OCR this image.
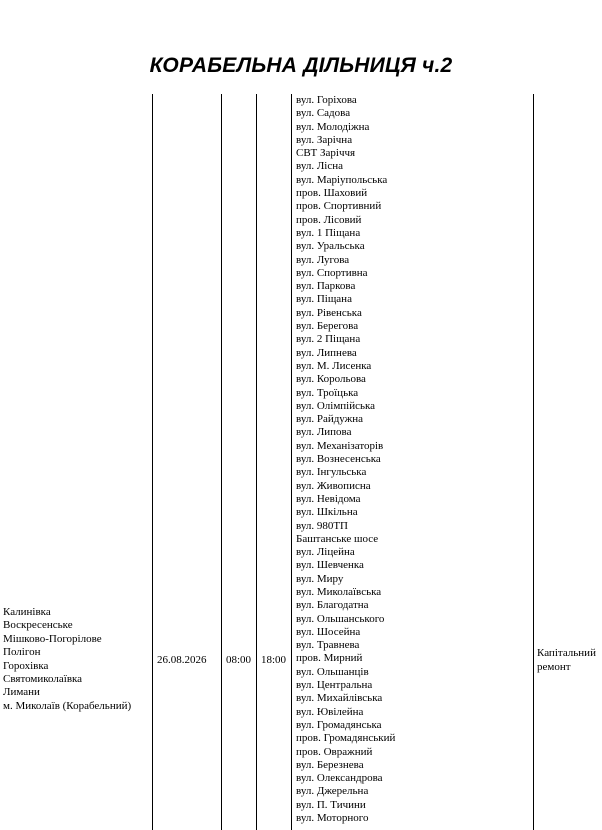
КОРАБЕЛЬНА ДІЛЬНИЦЯ ч.2
Калинівка
Воскресенське
Мішково-Погорілове
Полігон
Горохівка
Святомиколаївка
Лимани
м. Миколаїв (Корабельний)
26.08.2026 08:00 18:00
вул. Горіхова
вул. Садова
вул. Молодіжна
вул. Зарічна
СВТ Заріччя
вул. Лісна
вул. Маріупольська
пров. Шаховий
пров. Спортивний
пров. Лісовий
вул. 1 Піщана
вул. Уральська
вул. Лугова
вул. Спортивна
вул. Паркова
вул. Піщана
вул. Рівенська
вул. Берегова
вул. 2 Піщана
вул. Липнева
вул. М. Лисенка
вул. Корольова
вул. Троїцька
вул. Олімпійська
вул. Райдужна
вул. Липова
вул. Механізаторів
вул. Вознесенська
вул. Інгульська
вул. Живописна
вул. Невідома
вул. Шкільна
вул. 980ТП
Баштанське шосе
вул. Ліцейна
вул. Шевченка
вул. Миру
вул. Миколаївська
вул. Благодатна
вул. Ольшанського
вул. Шосейна
вул. Травнева
пров. Мирний
вул. Ольшанців
вул. Центральна
вул. Михайлівська
вул. Ювілейна
вул. Громадянська
пров. Громадянський
пров. Овражний
вул. Березнева
вул. Олександрова
вул. Джерельна
вул. П. Тичини
вул. Моторного
Капітальний
ремонт
